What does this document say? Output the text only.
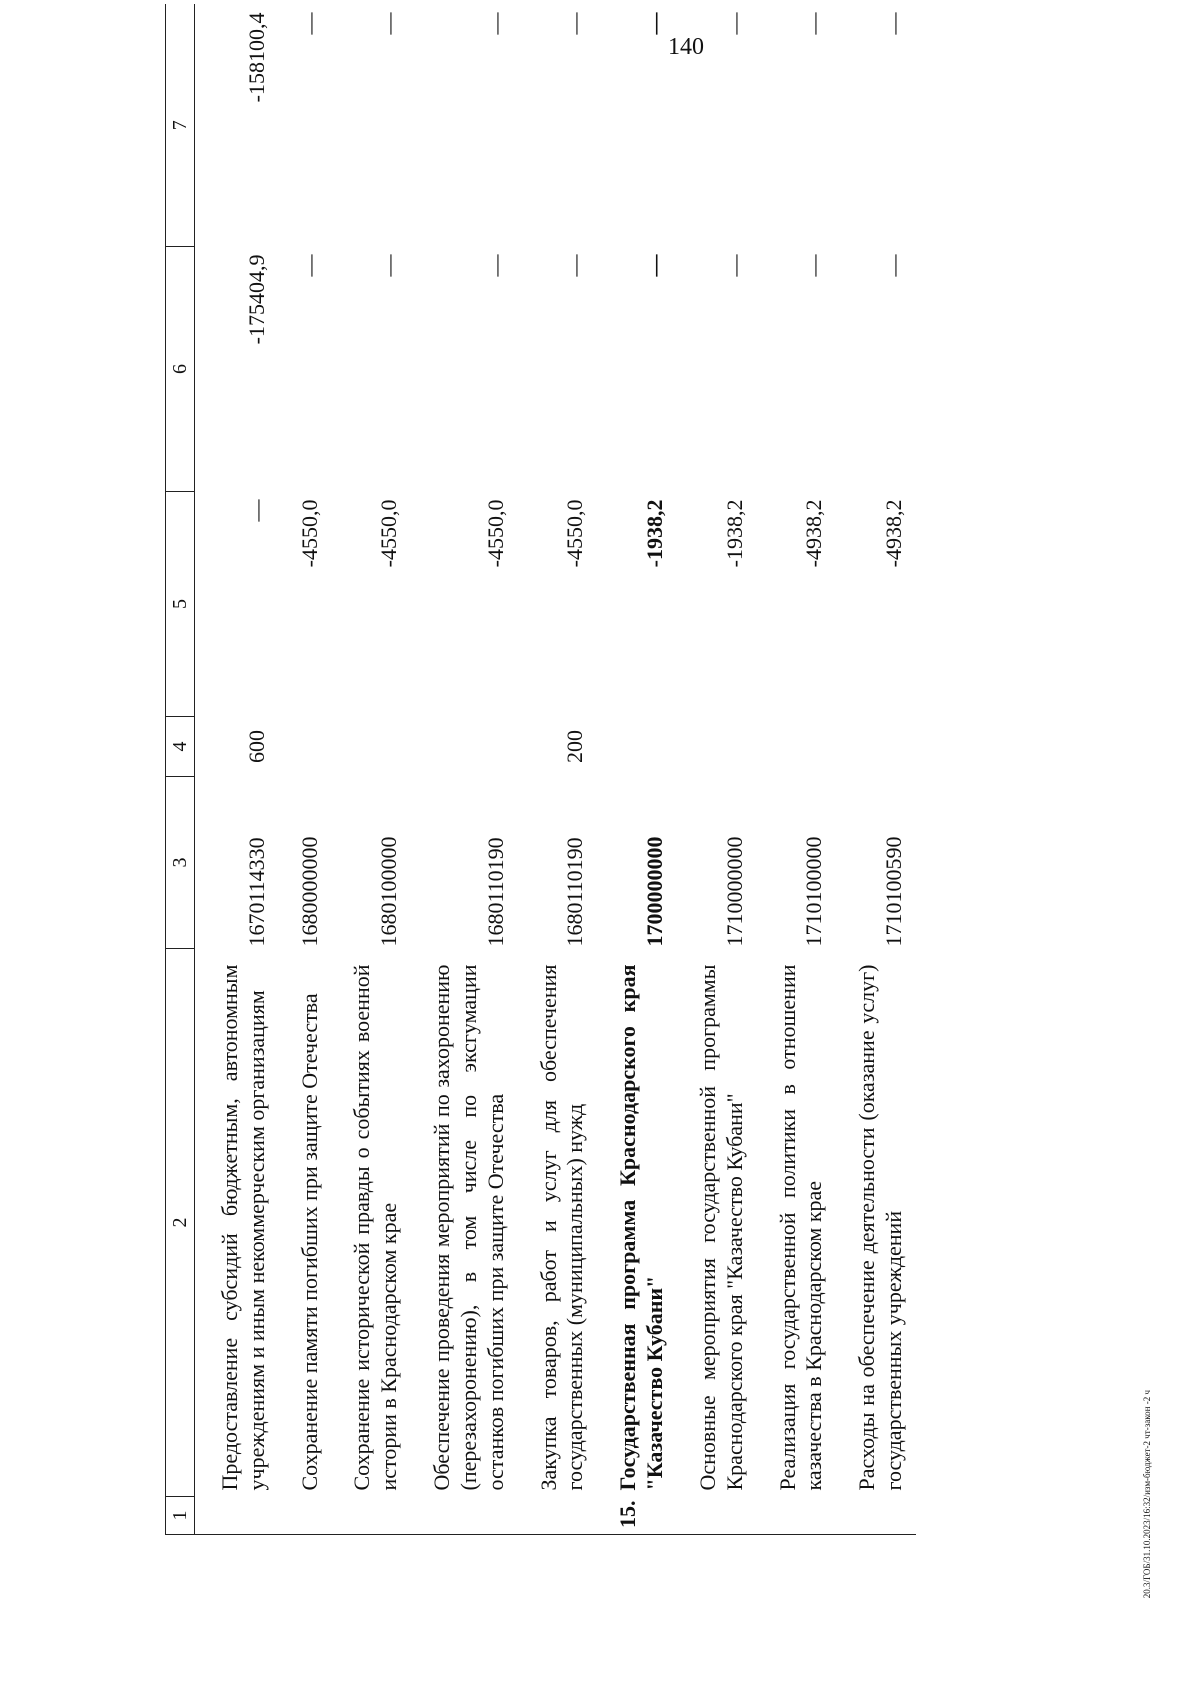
140
1	2	3	4	5	6	7
	Предоставление субсидий бюджетным, автономным учреждениям и иным некоммерческим организациям	1670114330	600	—	-175404,9	-158100,4
	Сохранение памяти погибших при защите Отечества	1680000000		-4550,0	—	—
	Сохранение исторической правды о событиях военной истории в Краснодарском крае	1680100000		-4550,0	—	—
	Обеспечение проведения мероприятий по захоронению (перезахоронению), в том числе по эксгумации останков погибших при защите Отечества	1680110190		-4550,0	—	—
	Закупка товаров, работ и услуг для обеспечения государственных (муниципальных) нужд	1680110190	200	-4550,0	—	—
15.	Государственная программа Краснодарского края "Казачество Кубани"	1700000000		-1938,2	—	—
	Основные мероприятия государственной программы Краснодарского края "Казачество Кубани"	1710000000		-1938,2	—	—
	Реализация государственной политики в отношении казачества в Краснодарском крае	1710100000		-4938,2	—	—
	Расходы на обеспечение деятельности (оказание услуг) государственных учреждений	1710100590		-4938,2	—	—
20.3/ГОБ/31.10.2023/16:32/изм-бюджет-2 чт-закон -2 ч
